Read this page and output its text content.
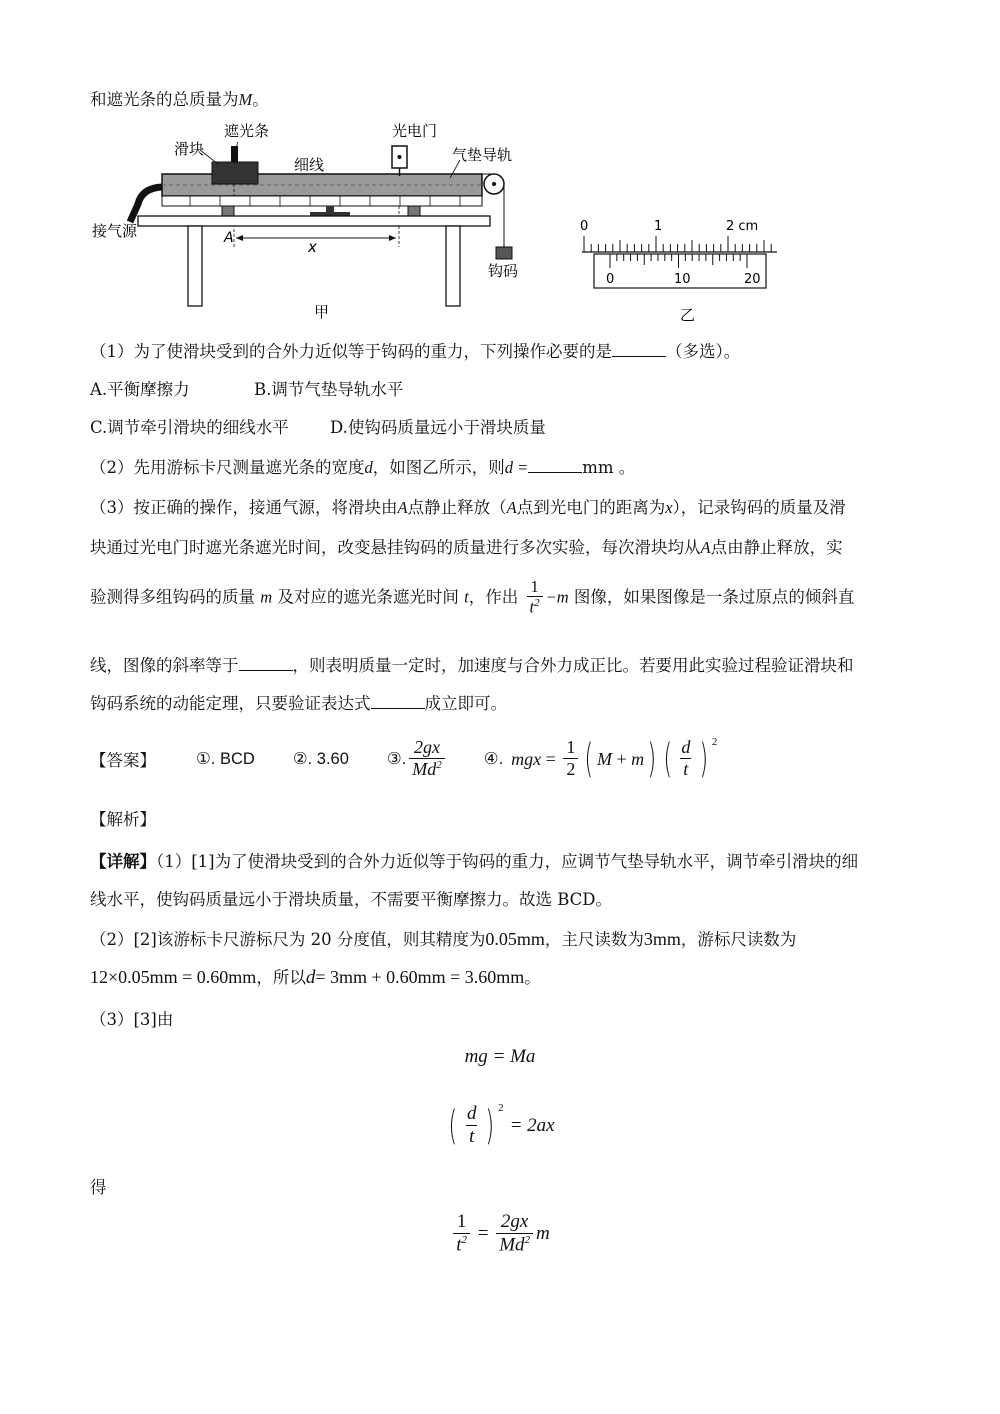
和遮光条的总质量为M。
滑块
遮光条	光电门
细线
气垫导轨
接气源	A	x
钩码
甲
0	1	2 cm
0	10	20
乙
（1）为了使滑块受到的合外力近似等于钩码的重力，下列操作必要的是	（多选）。
A.平衡摩擦力	B.调节气垫导轨水平
C.调节牵引滑块的细线水平 D.使钩码质量远小于滑块质量
（2）先用游标卡尺测量遮光条的宽度d，如图乙所示，则d =	mm 。
（3）按正确的操作，接通气源，将滑块由A点静止释放（A点到光电门的距离为x），记录钩码的质量及滑
块通过光电门时遮光条遮光时间，改变悬挂钩码的质量进行多次实验，每次滑块均从A点由静止释放，实
验测得多组钩码的质量 m 及对应的遮光条遮光时间 t，作出 $\frac{1}{t^2} -m$ 图像，如果图像是一条过原点的倾斜直
线，图像的斜率等于	，则表明质量一定时，加速度与合外力成正比。若要用此实验过程验证滑块和
钩码系统的动能定理，只要验证表达式	成立即可。
【答案】 ①. BCD ②. 3.60 ③. $\frac{2gx}{Md^2}$ ④. mgx = $\frac{1}{2}$ ( M + m ) ( $\frac{d}{t}$ ) $^2$
【解析】
【详解】（1）[1]为了使滑块受到的合外力近似等于钩码的重力，应调节气垫导轨水平，调节牵引滑块的细
线水平，使钩码质量远小于滑块质量，不需要平衡摩擦力。故选 BCD。
（2）[2]该游标卡尺游标尺为 20 分度值，则其精度为0.05mm，主尺读数为3mm，游标尺读数为
12×0.05mm = 0.60mm，所以d= 3mm + 0.60mm = 3.60mm。
（3）[3]由
mg = Ma
( $\frac{d}{t}$ ) $^2$
= 2ax
得
$\frac{1}{t^2} = \frac{2gx}{Md^2}$ m
